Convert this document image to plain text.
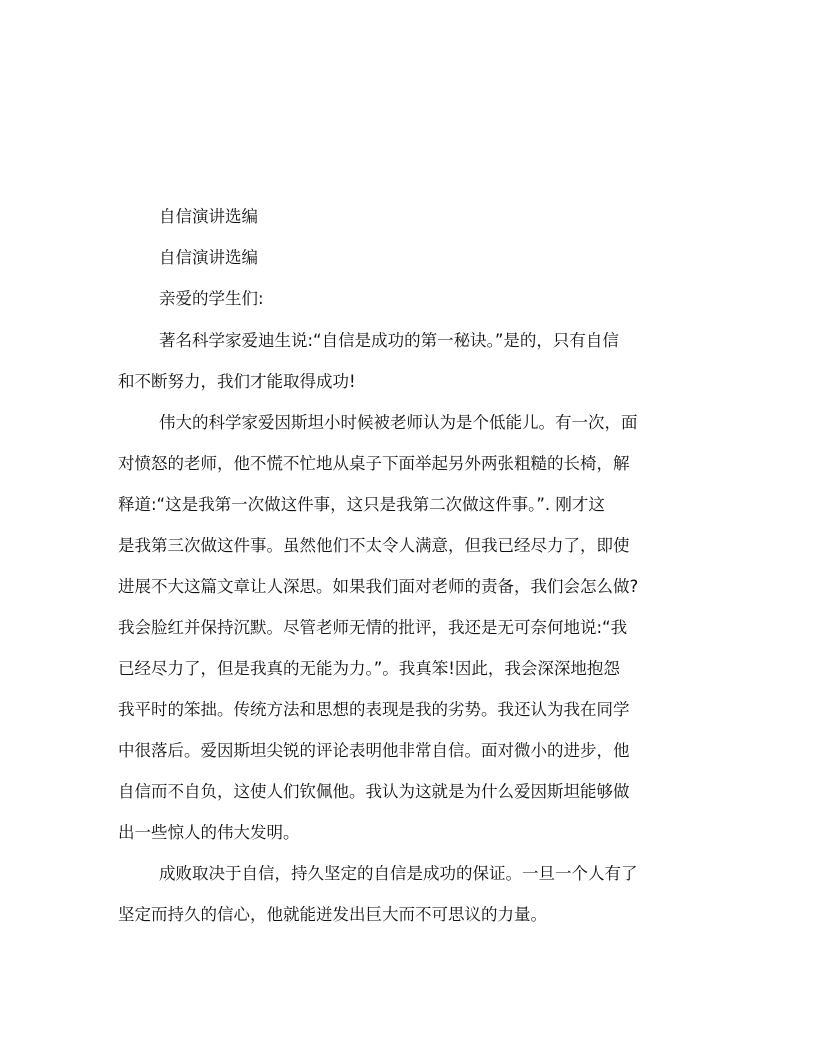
自信演讲选编
自信演讲选编
亲爱的学生们:
著名科学家爱迪生说:“自信是成功的第一秘诀。”是的，只有自信
和不断努力，我们才能取得成功!
伟大的科学家爱因斯坦小时候被老师认为是个低能儿。有一次，面
对愤怒的老师，他不慌不忙地从桌子下面举起另外两张粗糙的长椅，解
释道:“这是我第一次做这件事，这只是我第二次做这件事。”. 刚才这
是我第三次做这件事。虽然他们不太令人满意，但我已经尽力了，即使
进展不大这篇文章让人深思。如果我们面对老师的责备，我们会怎么做?
我会脸红并保持沉默。尽管老师无情的批评，我还是无可奈何地说:“我
已经尽力了，但是我真的无能为力。”。我真笨!因此，我会深深地抱怨
我平时的笨拙。传统方法和思想的表现是我的劣势。我还认为我在同学
中很落后。爱因斯坦尖锐的评论表明他非常自信。面对微小的进步，他
自信而不自负，这使人们钦佩他。我认为这就是为什么爱因斯坦能够做
出一些惊人的伟大发明。
成败取决于自信，持久坚定的自信是成功的保证。一旦一个人有了
坚定而持久的信心，他就能迸发出巨大而不可思议的力量。
